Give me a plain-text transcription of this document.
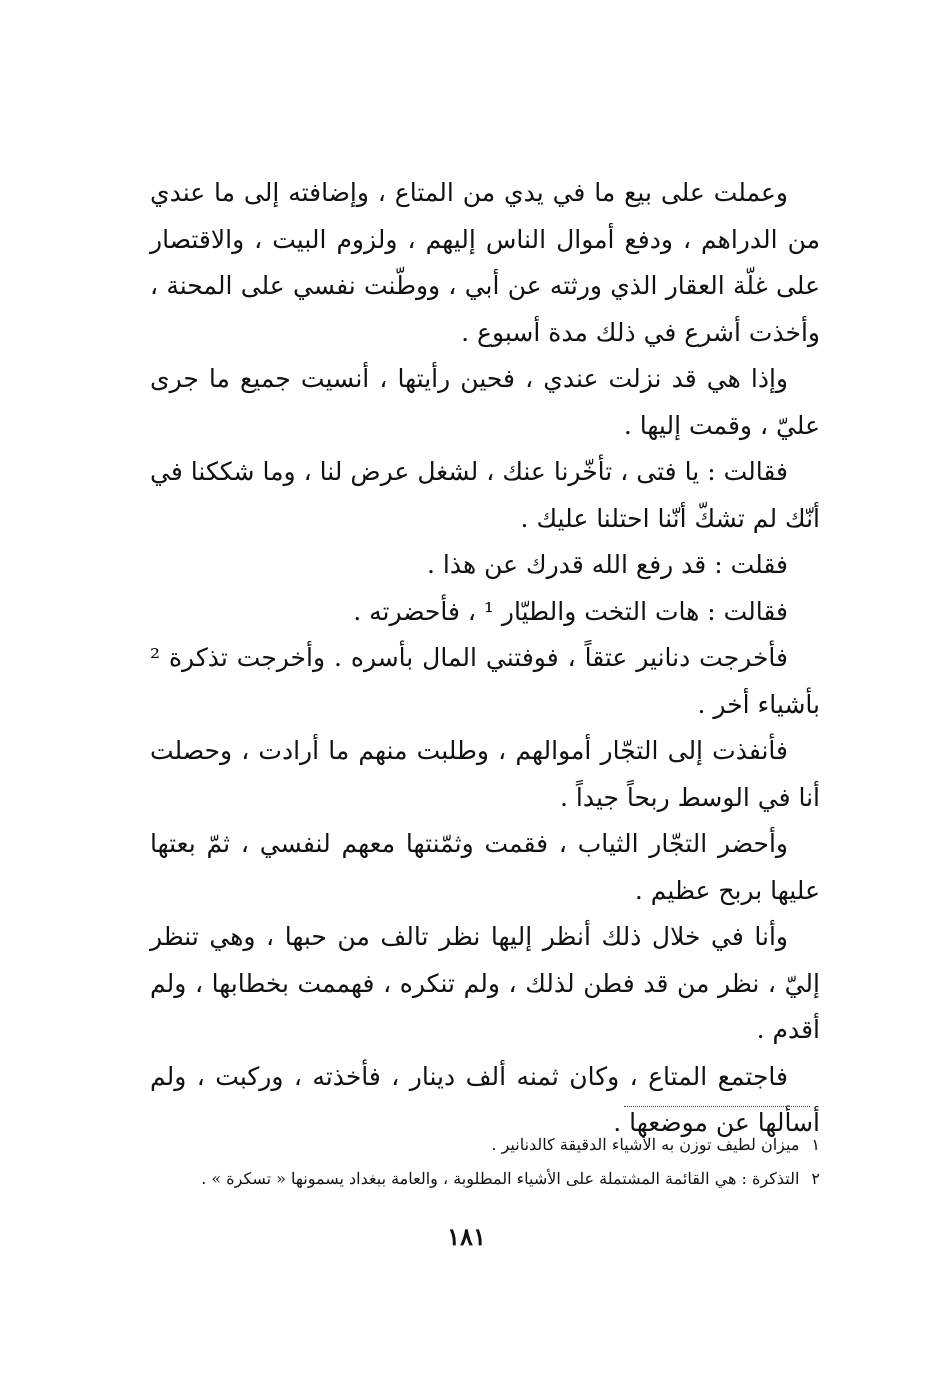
وعملت على بيع ما في يدي من المتاع ، وإضافته إلى ما عندي من الدراهم ، ودفع أموال الناس إليهم ، ولزوم البيت ، والاقتصار على غلّة العقار الذي ورثته عن أبي ، ووطّنت نفسي على المحنة ، وأخذت أشرع في ذلك مدة أسبوع .

وإذا هي قد نزلت عندي ، فحين رأيتها ، أنسيت جميع ما جرى عليّ ، وقمت إليها .

فقالت : يا فتى ، تأخّرنا عنك ، لشغل عرض لنا ، وما شككنا في أنّك لم تشكّ أنّنا احتلنا عليك .

فقلت : قد رفع الله قدرك عن هذا .

فقالت : هات التخت والطيّار ¹ ، فأحضرته .

فأخرجت دنانير عتقاً ، فوفتني المال بأسره . وأخرجت تذكرة ² بأشياء أخر .

فأنفذت إلى التجّار أموالهم ، وطلبت منهم ما أرادت ، وحصلت أنا في الوسط ربحاً جيداً .

وأحضر التجّار الثياب ، فقمت وثمّنتها معهم لنفسي ، ثمّ بعتها عليها بربح عظيم .

وأنا في خلال ذلك أنظر إليها نظر تالف من حبها ، وهي تنظر إليّ ، نظر من قد فطن لذلك ، ولم تنكره ، فهممت بخطابها ، ولم أقدم .

فاجتمع المتاع ، وكان ثمنه ألف دينار ، فأخذته ، وركبت ، ولم أسألها عن موضعها .

١ميزان لطيف توزن به الأشياء الدقيقة كالدنانير .

٢التذكرة : هي القائمة المشتملة على الأشياء المطلوبة ، والعامة ببغداد يسمونها « تسكرة » .

١٨١
